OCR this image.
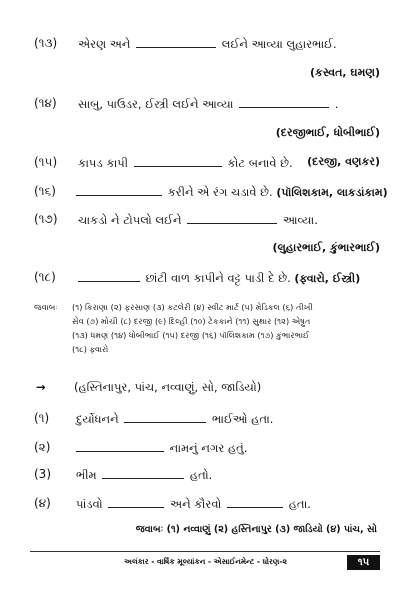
(૧૩) એરણ અને	લઈને આવ્યા લુહારભાઈ.
(કસ્વત, ઘમણ)
(૧૪) સાબુ, પાઉડર, ઈસ્ત્રી લઈને આવ્યા	.
(દરજીભાઈ, ધોબીભાઈ)
(૧૫) કાપડ કાપી	કોટ બનાવે છે. (દરજી, વણકર)
(૧૬)	કરીને એ રંગ ચડાવે છે. (પૉલિશકામ, લાકડાંકામ)
(૧૭) ચાકડો ને ટોપલો લઈને	આવ્યા.
(લુહારભાઈ, કુંભારભાઈ)
(૧૮)	છાંટી વાળ કાપીને વટ્ટ પાડી દે છે. (ફ્વારો, ઈસ્ત્રી)
જવાબઃ (૧) કિરાણા (૨) ફરસાણ (૩) કટલેરી (૪) સ્વીટ માર્ટ (૫) મેડિકલ (૬) તીખી
સેવ (૭) મોચી (૮) દરજી (૯) દિલ્હી (૧૦) ટેકકાને (૧૧) સુથાર (૧૨) એષ્રુત
(૧૩) ધમણ (૧૪) ધોબીભાઈ (૧૫) દરજી (૧૬) પૉલિશકામ (૧૭) કુંભારભાઈ
(૧૮) ફ્વારો
→ (હસ્તિનાપુર, પાંચ, નવ્વાણું, સો, જાડિયો)
(૧) દુર્યોધનને	ભાઈઓ હતા.
(૨)	નામનું નગર હતું.
(3) ભીમ	હતો.
(૪) પાંડવો	અને કૌરવો	હતા.
જવાબઃ (૧) નવ્વાણું (૨) હસ્તિનાપુર (૩) જાડિયો (૪) પાંચ, સો
અલંકાર - વાર્ષિક મૂલ્યાંકન - એસાઈનમેન્ટ - ધોરણ-૨	૧૫
